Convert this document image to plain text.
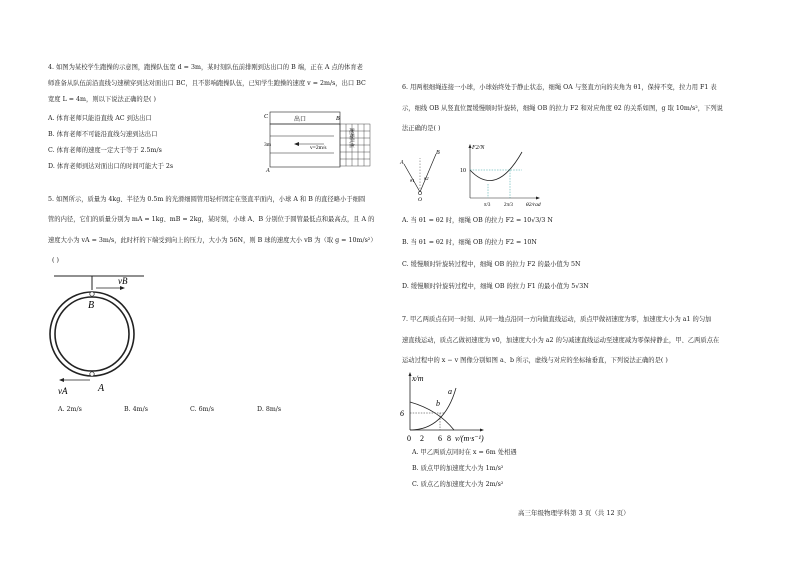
4. 如图为某校学生跑操的示意图，跑操队伍宽 d = 3m，某时刻队伍前排刚到达出口的 B 端，正在 A 点的体育老
师准备从队伍前沿直线匀速横穿到达对面出口 BC，且不影响跑操队伍，已知学生跑操的速度 v = 2m/s，出口 BC
宽度 L = 4m，则以下说法正确的是( )
A. 体育老师只能沿直线 AC 到达出口
B. 体育老师不可能沿直线匀速到达出口
C. 体育老师的速度一定大于等于 2.5m/s
D. 体育老师到达对面出口的时间可能大于 2s
出口
v=2m/s
C
3m
A
B
跑操队伍
5. 如图所示，质量为 4kg、半径为 0.5m 的光滑细圆管用轻杆固定在竖直平面内，小球 A 和 B 的直径略小于细圆
管的内径，它们的质量分别为 mA = 1kg、mB = 2kg，某时刻，小球 A、B 分别位于圆管最低点和最高点，且 A 的
速度大小为 vA = 3m/s，此时杆的下端受到向上的压力，大小为 56N，则 B 球的速度大小 vB 为（取 g = 10m/s²）
( )
vB
B
vA	A
A. 2m/s	B. 4m/s	C. 6m/s	D. 8m/s
6. 用两根细绳连接一小球，小球始终处于静止状态，细绳 OA 与竖直方向的夹角为 θ1，保持不变，拉力用 F1 表
示，细线 OB 从竖直位置缓慢顺时针旋转，细绳 OB 的拉力 F2 和对应角度 θ2 的关系如图，g 取 10m/s²，下列说
法正确的是( )
A
B
O
θ1 θ2
F2/N
10
π/3	2π/3 θ2/rad
A. 当 θ1 = θ2 时，细绳 OB 的拉力 F2 = 10√3/3 N
B. 当 θ1 = θ2 时，细绳 OB 的拉力 F2 = 10N
C. 缓慢顺时针旋转过程中，细绳 OB 的拉力 F2 的最小值为 5N
D. 缓慢顺时针旋转过程中，细绳 OB 的拉力 F1 的最小值为 5√3N
7. 甲乙两质点在同一时刻、从同一地点沿同一方向做直线运动，质点甲做初速度为零，加速度大小为 a1 的匀加
速直线运动，质点乙做初速度为 v0，加速度大小为 a2 的匀减速直线运动至速度减为零保持静止，甲、乙两质点在
运动过程中的 x − v 图像分别如图 a、b 所示，虚线与对应的坐标轴垂直，下列说法正确的是( )
x/m
6
0 2 6 8 v/(m·s⁻¹)
a
b
A. 甲乙两质点同时在 x = 6m 处相遇
B. 质点甲的加速度大小为 1m/s²
C. 质点乙的加速度大小为 2m/s²
高三年级物理学科第 3 页（共 12 页）
